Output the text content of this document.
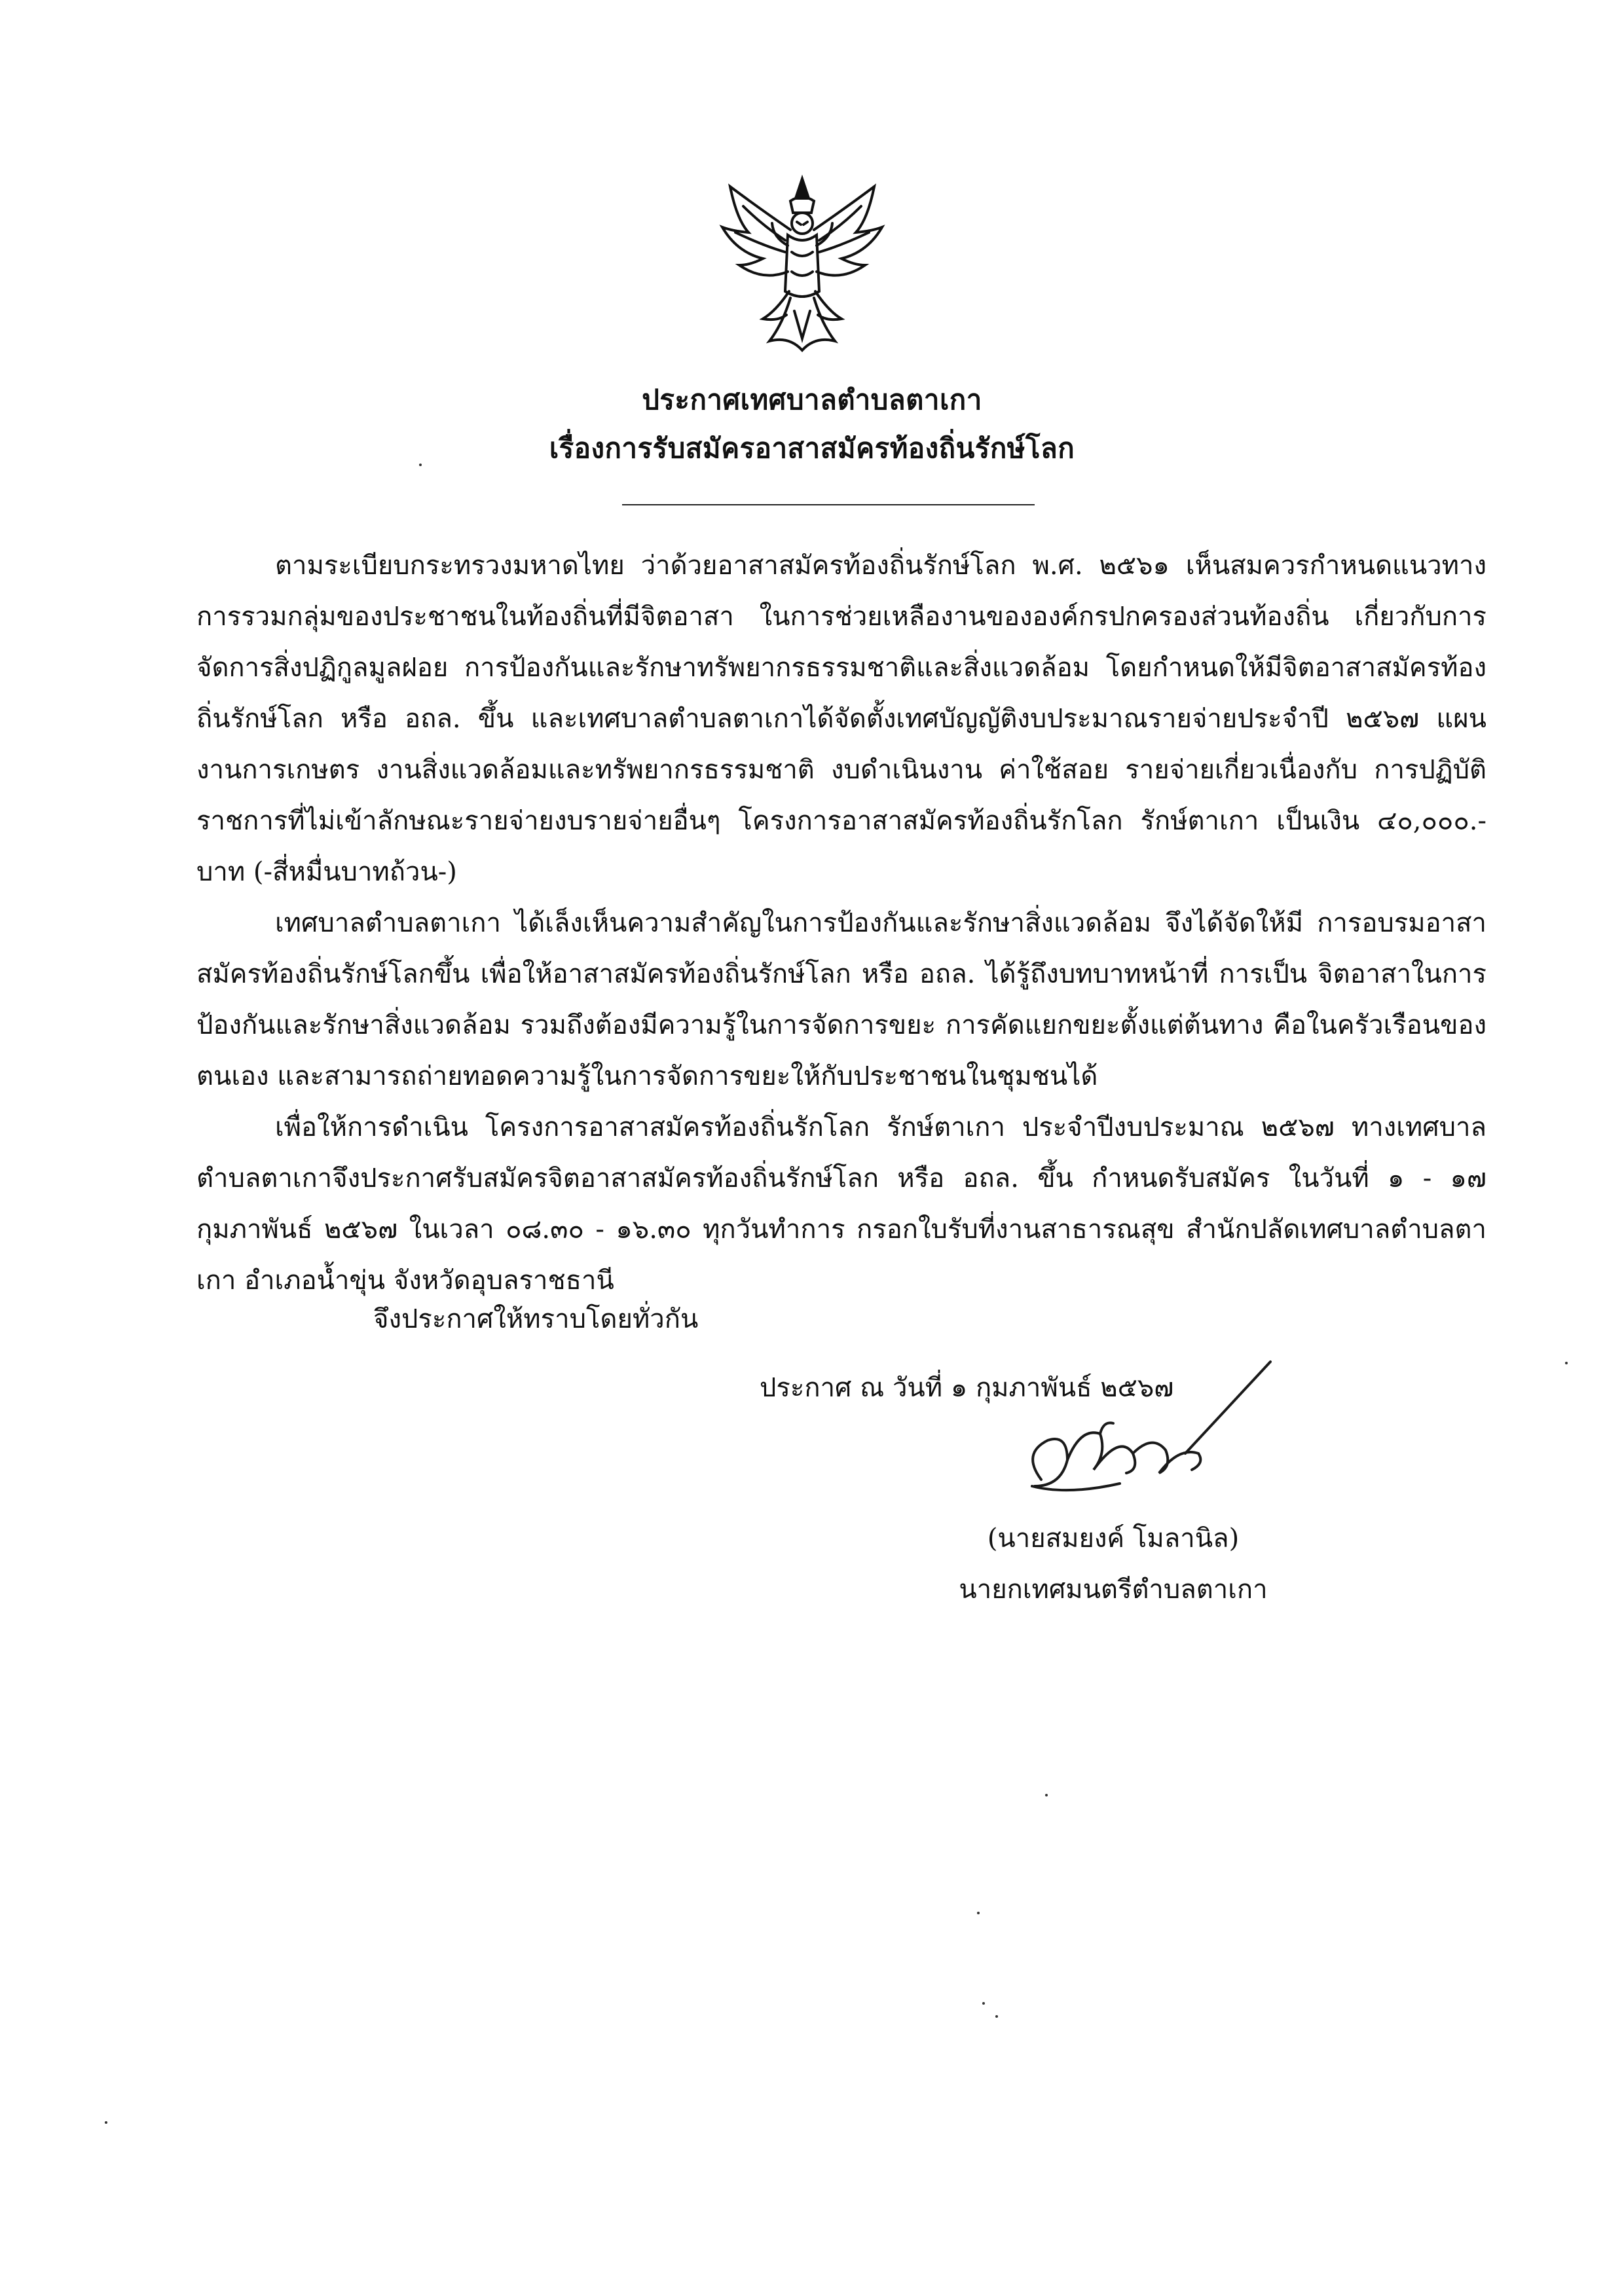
ประกาศเทศบาลตำบลตาเกา
เรื่องการรับสมัครอาสาสมัครท้องถิ่นรักษ์โลก

ตามระเบียบกระทรวงมหาดไทย ว่าด้วยอาสาสมัครท้องถิ่นรักษ์โลก พ.ศ. ๒๕๖๑ เห็นสมควรกำหนดแนวทางการรวมกลุ่มของประชาชนในท้องถิ่นที่มีจิตอาสา ในการช่วยเหลืองานขององค์กรปกครองส่วนท้องถิ่น เกี่ยวกับการจัดการสิ่งปฏิกูลมูลฝอย การป้องกันและรักษาทรัพยากรธรรมชาติและสิ่งแวดล้อม โดยกำหนดให้มีจิตอาสาสมัครท้องถิ่นรักษ์โลก หรือ อถล. ขึ้น และเทศบาลตำบลตาเกาได้จัดตั้งเทศบัญญัติงบประมาณรายจ่ายประจำปี ๒๕๖๗ แผนงานการเกษตร งานสิ่งแวดล้อมและทรัพยากรธรรมชาติ งบดำเนินงาน ค่าใช้สอย รายจ่ายเกี่ยวเนื่องกับ การปฏิบัติราชการที่ไม่เข้าลักษณะรายจ่ายงบรายจ่ายอื่นๆ โครงการอาสาสมัครท้องถิ่นรักโลก รักษ์ตาเกา เป็นเงิน ๔๐,๐๐๐.- บาท (-สี่หมื่นบาทถ้วน-)

เทศบาลตำบลตาเกา ได้เล็งเห็นความสำคัญในการป้องกันและรักษาสิ่งแวดล้อม จึงได้จัดให้มี การอบรมอาสาสมัครท้องถิ่นรักษ์โลกขึ้น เพื่อให้อาสาสมัครท้องถิ่นรักษ์โลก หรือ อถล. ได้รู้ถึงบทบาทหน้าที่ การเป็น จิตอาสาในการป้องกันและรักษาสิ่งแวดล้อม รวมถึงต้องมีความรู้ในการจัดการขยะ การคัดแยกขยะตั้งแต่ต้นทาง คือในครัวเรือนของตนเอง และสามารถถ่ายทอดความรู้ในการจัดการขยะให้กับประชาชนในชุมชนได้

เพื่อให้การดำเนิน โครงการอาสาสมัครท้องถิ่นรักโลก รักษ์ตาเกา ประจำปีงบประมาณ ๒๕๖๗ ทางเทศบาลตำบลตาเกาจึงประกาศรับสมัครจิตอาสาสมัครท้องถิ่นรักษ์โลก หรือ อถล. ขึ้น กำหนดรับสมัคร ในวันที่ ๑ - ๑๗ กุมภาพันธ์ ๒๕๖๗ ในเวลา ๐๘.๓๐ - ๑๖.๓๐ ทุกวันทำการ กรอกใบรับที่งานสาธารณสุข สำนักปลัดเทศบาลตำบลตาเกา อำเภอน้ำขุ่น จังหวัดอุบลราชธานี

จึงประกาศให้ทราบโดยทั่วกัน
ประกาศ ณ วันที่ ๑ กุมภาพันธ์ ๒๕๖๗
(นายสมยงค์ โมลานิล)
นายกเทศมนตรีตำบลตาเกา
